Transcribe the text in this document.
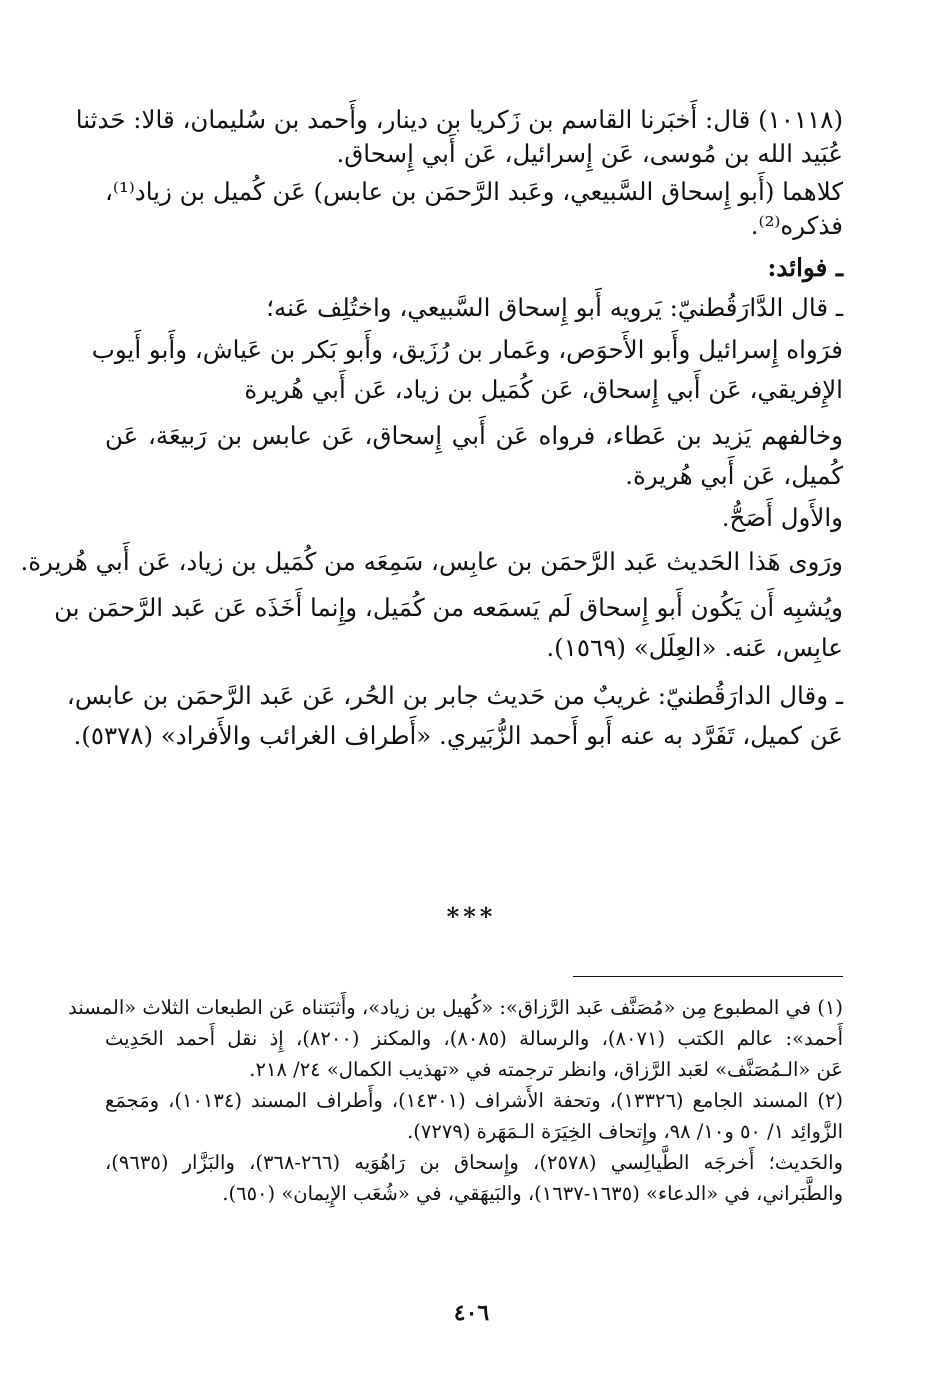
(١٠١١٨) قال: أَخبَرنا القاسم بن زَكريا بن دينار، وأَحمد بن سُليمان، قالا: حَدثنا
عُبَيد الله بن مُوسى، عَن إِسرائيل، عَن أَبي إِسحاق.
كلاهما (أَبو إِسحاق السَّبيعي، وعَبد الرَّحمَن بن عابس) عَن كُميل بن زياد⁽¹⁾،
فذكره⁽²⁾.
ـ فوائد:
ـ قال الدَّارَقُطنيّ: يَرويه أَبو إِسحاق السَّبيعي، واختُلِف عَنه؛
فرَواه إِسرائيل وأَبو الأَحوَص، وعَمار بن رُزَيق، وأَبو بَكر بن عَياش، وأَبو أَيوب
الإِفريقي، عَن أَبي إِسحاق، عَن كُمَيل بن زياد، عَن أَبي هُريرة
وخالفهم يَزيد بن عَطاء، فرواه عَن أَبي إِسحاق، عَن عابس بن رَبيعَة، عَن
كُميل، عَن أَبي هُريرة.
والأَول أَصَحُّ.
ورَوى هَذا الحَديث عَبد الرَّحمَن بن عابِس، سَمِعَه من كُمَيل بن زياد، عَن أَبي هُريرة.
ويُشبِه أَن يَكُون أَبو إِسحاق لَم يَسمَعه من كُمَيل، وإِنما أَخَذَه عَن عَبد الرَّحمَن بن
عابِس، عَنه. «العِلَل» (١٥٦٩).
ـ وقال الدارَقُطنيّ: غريبٌ من حَديث جابر بن الحُر، عَن عَبد الرَّحمَن بن عابس،
عَن كميل، تَفَرَّد به عنه أَبو أَحمد الزُّبَيري. «أَطراف الغرائب والأَفراد» (٥٣٧٨).
***
(١) في المطبوع مِن «مُصَنَّف عَبد الرَّزاق»: «كُهيل بن زياد»، وأَثبَتناه عَن الطبعات الثلاث «المسند
أَحمد»: عالم الكتب (٨٠٧١)، والرسالة (٨٠٨٥)، والمكنز (٨٢٠٠)، إِذ نقل أَحمد الحَدِيث
عَن «الـمُصَنَّف» لعَبد الرَّزاق، وانظر ترجمته في «تهذيب الكمال» ٢٤/ ٢١٨.
(٢) المسند الجامع (١٣٣٢٦)، وتحفة الأَشراف (١٤٣٠١)، وأَطراف المسند (١٠١٣٤)، ومَجمَع
الزَّوائِد ١/ ٥٠ و١٠/ ٩٨، وإِتحاف الخِيَرَة الـمَهَرة (٧٢٧٩).
والحَديث؛ أَخرجَه الطَّيالِسي (٢٥٧٨)، وإِسحاق بن رَاهُوَيه (٢٦٦-٣٦٨)، والبَزَّار (٩٦٣٥)،
والطَّبَراني، في «الدعاء» (١٦٣٥-١٦٣٧)، والبَيهَقي، في «شُعَب الإِيمان» (٦٥٠).
٤٠٦
